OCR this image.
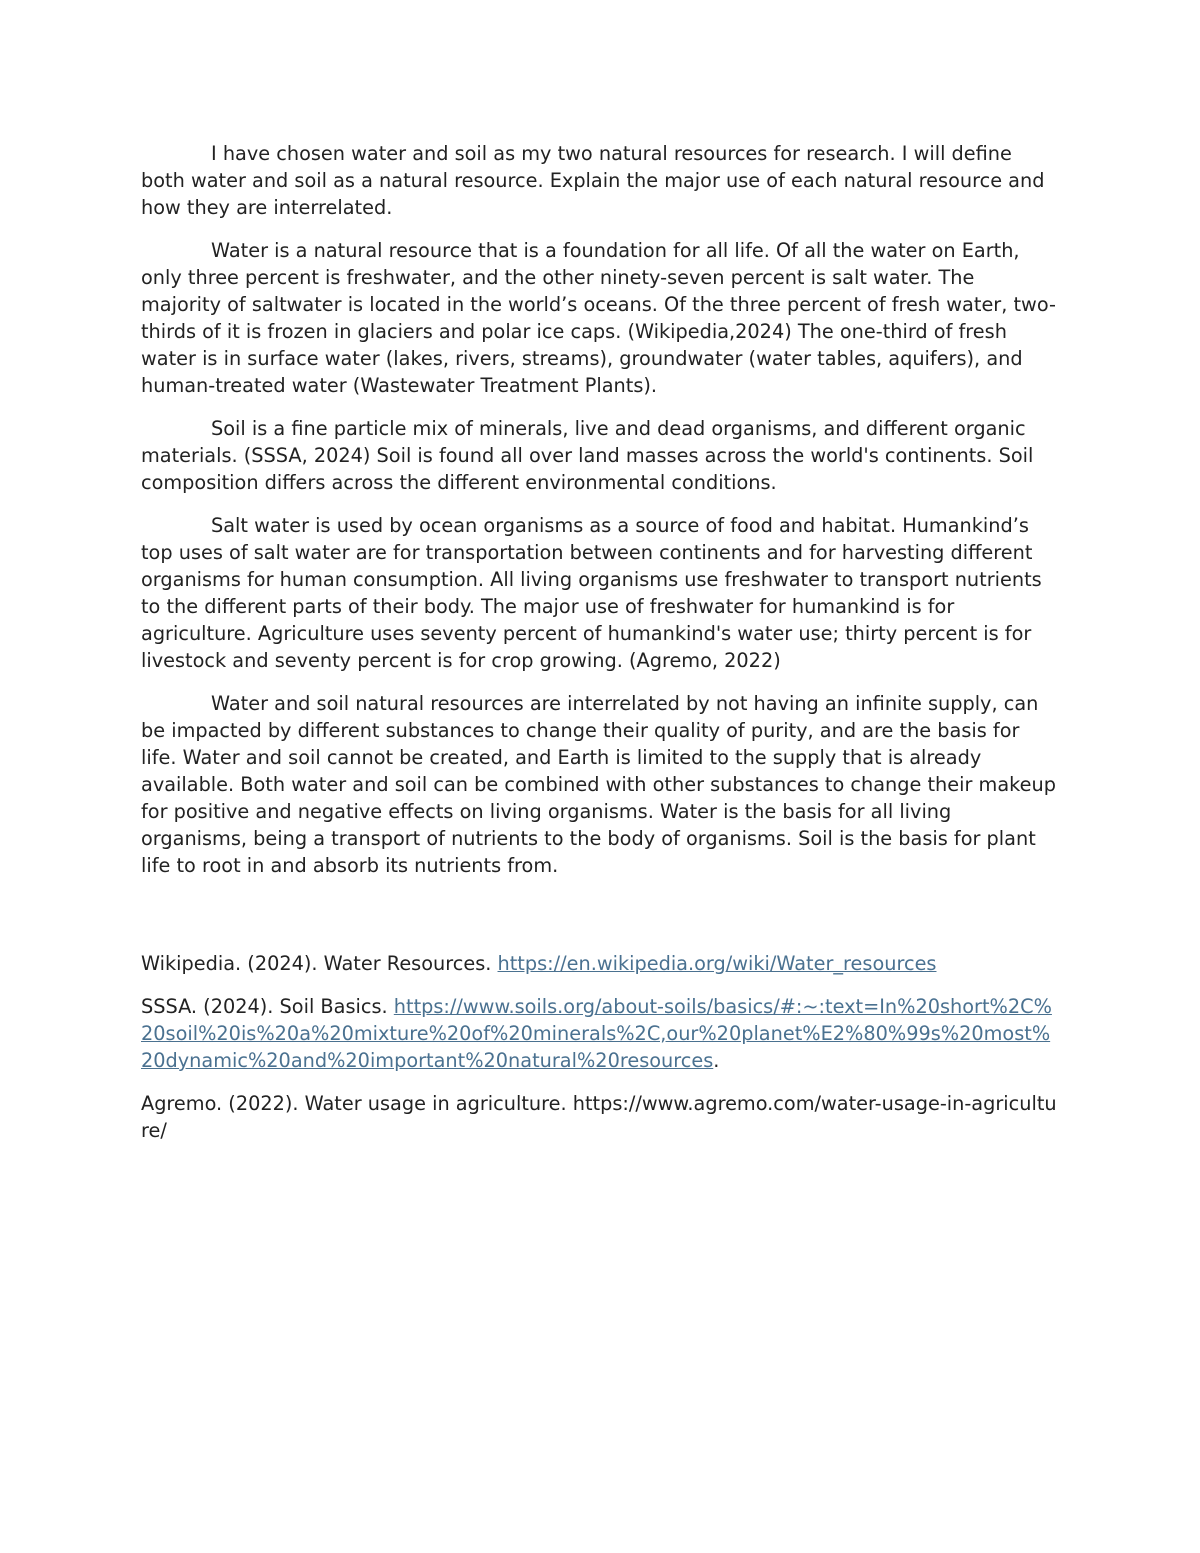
I have chosen water and soil as my two natural resources for research. I will define both water and soil as a natural resource. Explain the major use of each natural resource and how they are interrelated.

Water is a natural resource that is a foundation for all life. Of all the water on Earth, only three percent is freshwater, and the other ninety-seven percent is salt water. The majority of saltwater is located in the world’s oceans. Of the three percent of fresh water, two-thirds of it is frozen in glaciers and polar ice caps. (Wikipedia,2024) The one-third of fresh water is in surface water (lakes, rivers, streams), groundwater (water tables, aquifers), and human-treated water (Wastewater Treatment Plants).

Soil is a fine particle mix of minerals, live and dead organisms, and different organic materials. (SSSA, 2024) Soil is found all over land masses across the world's continents. Soil composition differs across the different environmental conditions.

Salt water is used by ocean organisms as a source of food and habitat. Humankind’s top uses of salt water are for transportation between continents and for harvesting different organisms for human consumption. All living organisms use freshwater to transport nutrients to the different parts of their body. The major use of freshwater for humankind is for agriculture. Agriculture uses seventy percent of humankind's water use; thirty percent is for livestock and seventy percent is for crop growing. (Agremo, 2022)

Water and soil natural resources are interrelated by not having an infinite supply, can be impacted by different substances to change their quality of purity, and are the basis for life. Water and soil cannot be created, and Earth is limited to the supply that is already available. Both water and soil can be combined with other substances to change their makeup for positive and negative effects on living organisms. Water is the basis for all living organisms, being a transport of nutrients to the body of organisms. Soil is the basis for plant life to root in and absorb its nutrients from.

Wikipedia. (2024). Water Resources. https://en.wikipedia.org/wiki/Water_resources

SSSA. (2024). Soil Basics. https://www.soils.org/about-soils/basics/#:~:text=In%20short%2C%20soil%20is%20a%20mixture%20of%20minerals%2C,our%20planet%E2%80%99s%20most%20dynamic%20and%20important%20natural%20resources.

Agremo. (2022). Water usage in agriculture. https://www.agremo.com/water-usage-in-agriculture/
